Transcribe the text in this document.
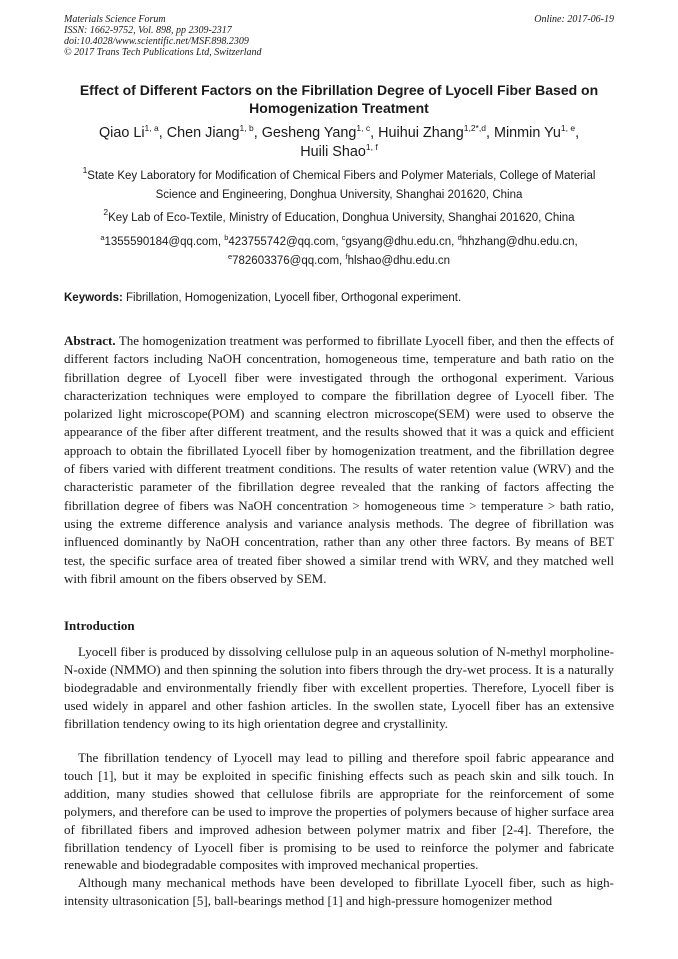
Materials Science Forum
ISSN: 1662-9752, Vol. 898, pp 2309-2317
doi:10.4028/www.scientific.net/MSF.898.2309
© 2017 Trans Tech Publications Ltd, Switzerland
Online: 2017-06-19
Effect of Different Factors on the Fibrillation Degree of Lyocell Fiber Based on Homogenization Treatment
Qiao Li$^{1, a}$, Chen Jiang$^{1, b}$, Gesheng Yang$^{1, c}$, Huihui Zhang$^{1,2*,d}$, Minmin Yu$^{1, e}$,
Huili Shao$^{1, f}$
$^1$State Key Laboratory for Modification of Chemical Fibers and Polymer Materials, College of Material Science and Engineering, Donghua University, Shanghai 201620, China
$^2$Key Lab of Eco-Textile, Ministry of Education, Donghua University, Shanghai 201620, China
$^a$1355590184@qq.com, $^b$423755742@qq.com, $^c$gsyang@dhu.edu.cn, $^d$hhzhang@dhu.edu.cn,
$^e$782603376@qq.com, $^f$hlshao@dhu.edu.cn
Keywords: Fibrillation, Homogenization, Lyocell fiber, Orthogonal experiment.
Abstract. The homogenization treatment was performed to fibrillate Lyocell fiber, and then the effects of different factors including NaOH concentration, homogeneous time, temperature and bath ratio on the fibrillation degree of Lyocell fiber were investigated through the orthogonal experiment. Various characterization techniques were employed to compare the fibrillation degree of Lyocell fiber. The polarized light microscope(POM) and scanning electron microscope(SEM) were used to observe the appearance of the fiber after different treatment, and the results showed that it was a quick and efficient approach to obtain the fibrillated Lyocell fiber by homogenization treatment, and the fibrillation degree of fibers varied with different treatment conditions. The results of water retention value (WRV) and the characteristic parameter of the fibrillation degree revealed that the ranking of factors affecting the fibrillation degree of fibers was NaOH concentration > homogeneous time > temperature > bath ratio, using the extreme difference analysis and variance analysis methods. The degree of fibrillation was influenced dominantly by NaOH concentration, rather than any other three factors. By means of BET test, the specific surface area of treated fiber showed a similar trend with WRV, and they matched well with fibril amount on the fibers observed by SEM.
Introduction

Lyocell fiber is produced by dissolving cellulose pulp in an aqueous solution of N-methyl morpholine-N-oxide (NMMO) and then spinning the solution into fibers through the dry-wet process. It is a naturally biodegradable and environmentally friendly fiber with excellent properties. Therefore, Lyocell fiber is used widely in apparel and other fashion articles. In the swollen state, Lyocell fiber has an extensive fibrillation tendency owing to its high orientation degree and crystallinity.

The fibrillation tendency of Lyocell may lead to pilling and therefore spoil fabric appearance and touch [1], but it may be exploited in specific finishing effects such as peach skin and silk touch. In addition, many studies showed that cellulose fibrils are appropriate for the reinforcement of some polymers, and therefore can be used to improve the properties of polymers because of higher surface area of fibrillated fibers and improved adhesion between polymer matrix and fiber [2-4]. Therefore, the fibrillation tendency of Lyocell fiber is promising to be used to reinforce the polymer and fabricate renewable and biodegradable composites with improved mechanical properties.

Although many mechanical methods have been developed to fibrillate Lyocell fiber, such as high-intensity ultrasonication [5], ball-bearings method [1] and high-pressure homogenizer method
